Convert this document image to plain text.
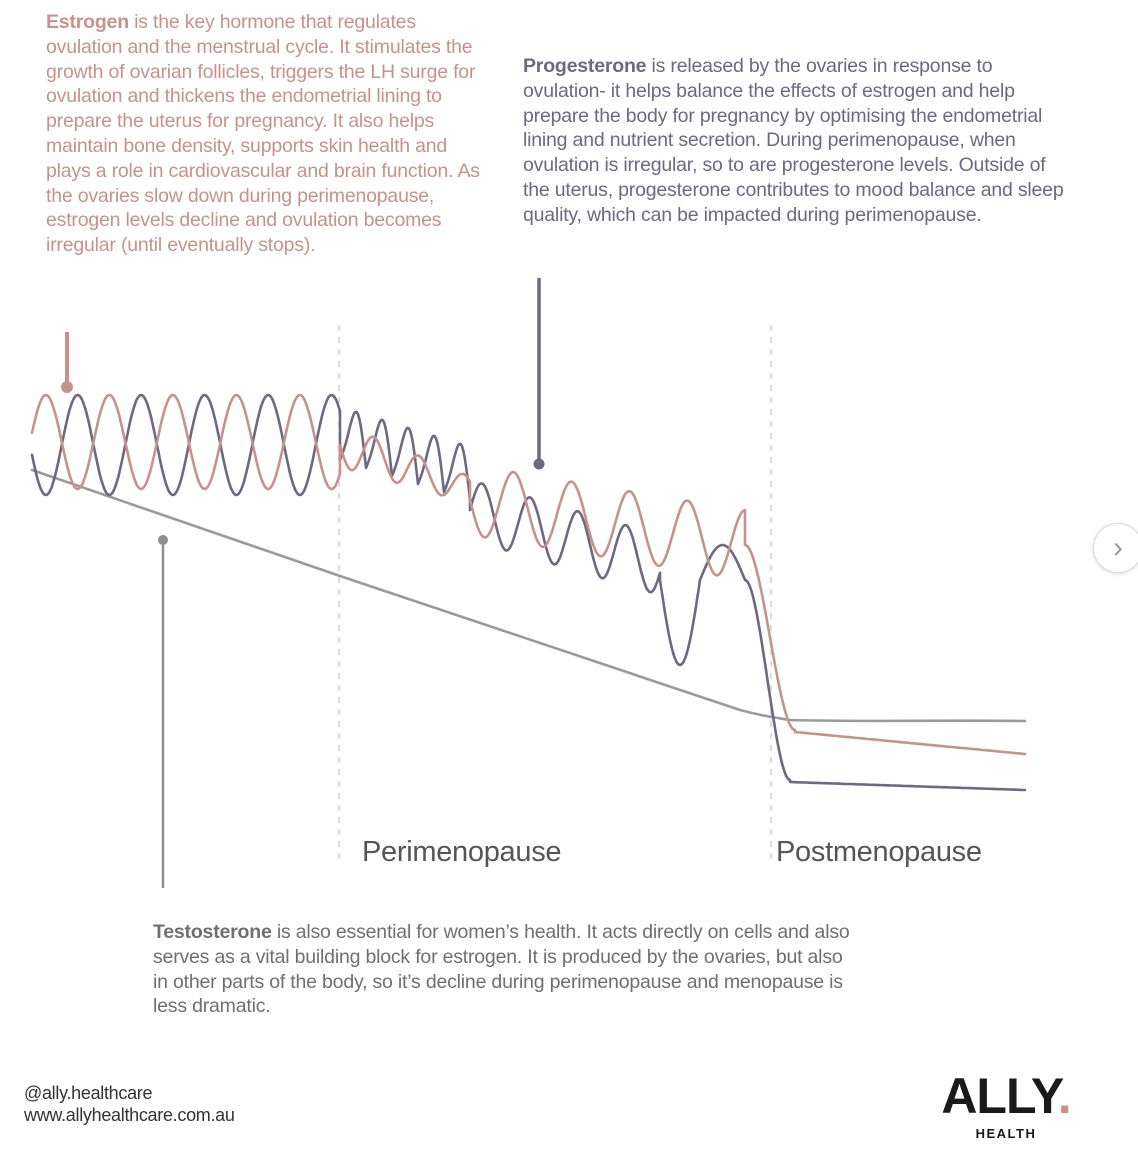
Estrogen is the key hormone that regulates ovulation and the menstrual cycle. It stimulates the growth of ovarian follicles, triggers the LH surge for ovulation and thickens the endometrial lining to prepare the uterus for pregnancy. It also helps maintain bone density, supports skin health and plays a role in cardiovascular and brain function. As the ovaries slow down during perimenopause, estrogen levels decline and ovulation becomes irregular (until eventually stops).

Progesterone is released by the ovaries in response to ovulation- it helps balance the effects of estrogen and help prepare the body for pregnancy by optimising the endometrial lining and nutrient secretion. During perimenopause, when ovulation is irregular, so to are progesterone levels. Outside of the uterus, progesterone contributes to mood balance and sleep quality, which can be impacted during perimenopause.

Perimenopause	Postmenopause

Testosterone is also essential for women’s health. It acts directly on cells and also serves as a vital building block for estrogen. It is produced by the ovaries, but also in other parts of the body, so it’s decline during perimenopause and menopause is less dramatic.

@ally.healthcare
www.allyhealthcare.com.au	ALLY.
HEALTH
›
